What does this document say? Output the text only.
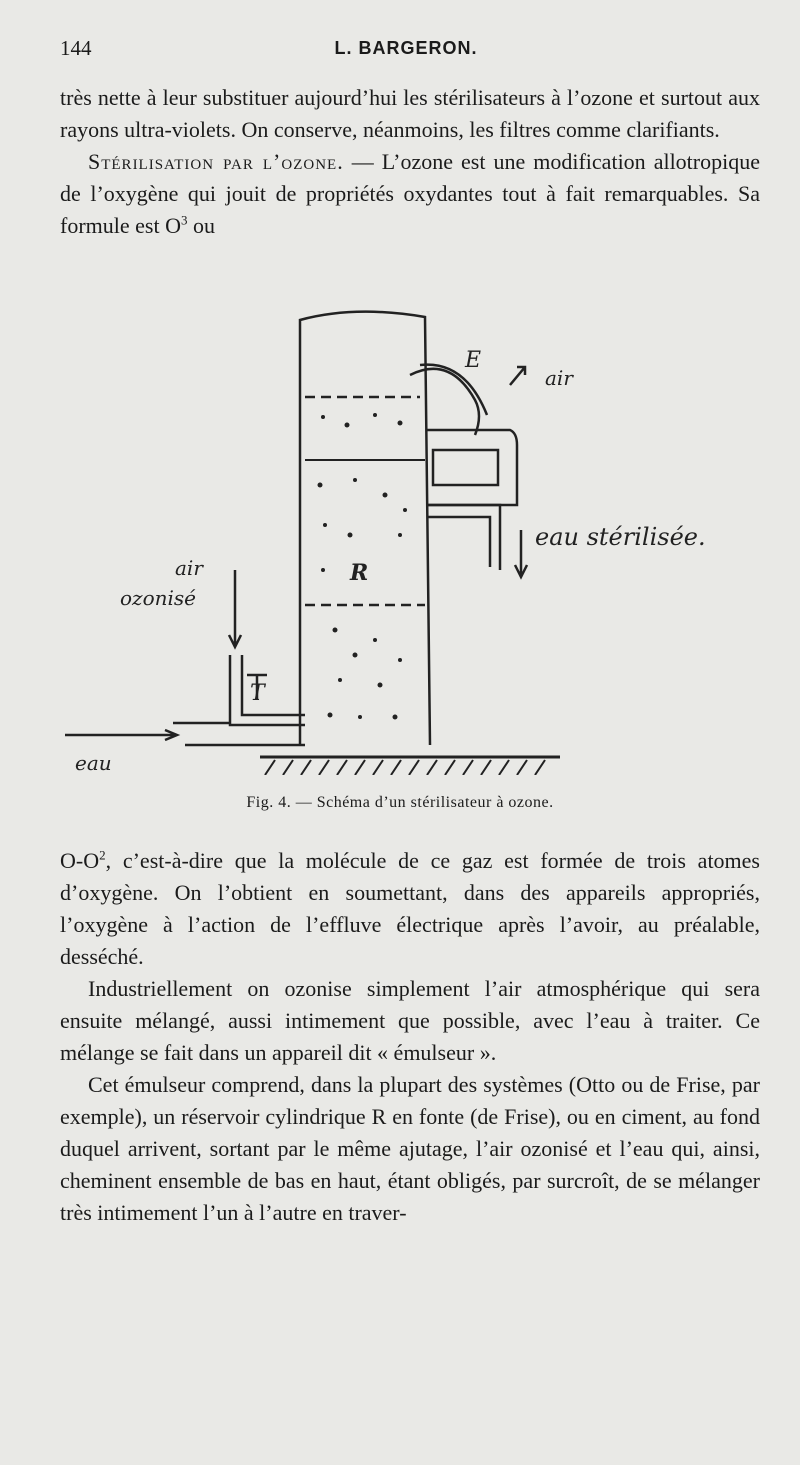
144	L. BARGERON.

très nette à leur substituer aujourd’hui les stérilisateurs à l’ozone et surtout aux rayons ultra-violets. On conserve, néanmoins, les filtres comme clarifiants.

Stérilisation par l’ozone. — L’ozone est une modification allotropique de l’oxygène qui jouit de propriétés oxydantes tout à fait remarquables. Sa formule est $O^3$ ou

E
air
eau stérilisée.
air
ozonisé
R
T
eau
Fig. 4. — Schéma d’un stérilisateur à ozone.

$O-O^2$, c’est-à-dire que la molécule de ce gaz est formée de trois atomes d’oxygène. On l’obtient en soumettant, dans des appareils appropriés, l’oxygène à l’action de l’effluve électrique après l’avoir, au préalable, desséché.

Industriellement on ozonise simplement l’air atmosphérique qui sera ensuite mélangé, aussi intimement que possible, avec l’eau à traiter. Ce mélange se fait dans un appareil dit « émulseur ».

Cet émulseur comprend, dans la plupart des systèmes (Otto ou de Frise, par exemple), un réservoir cylindrique R en fonte (de Frise), ou en ciment, au fond duquel arrivent, sortant par le même ajutage, l’air ozonisé et l’eau qui, ainsi, cheminent ensemble de bas en haut, étant obligés, par surcroît, de se mélanger très intimement l’un à l’autre en traver-
